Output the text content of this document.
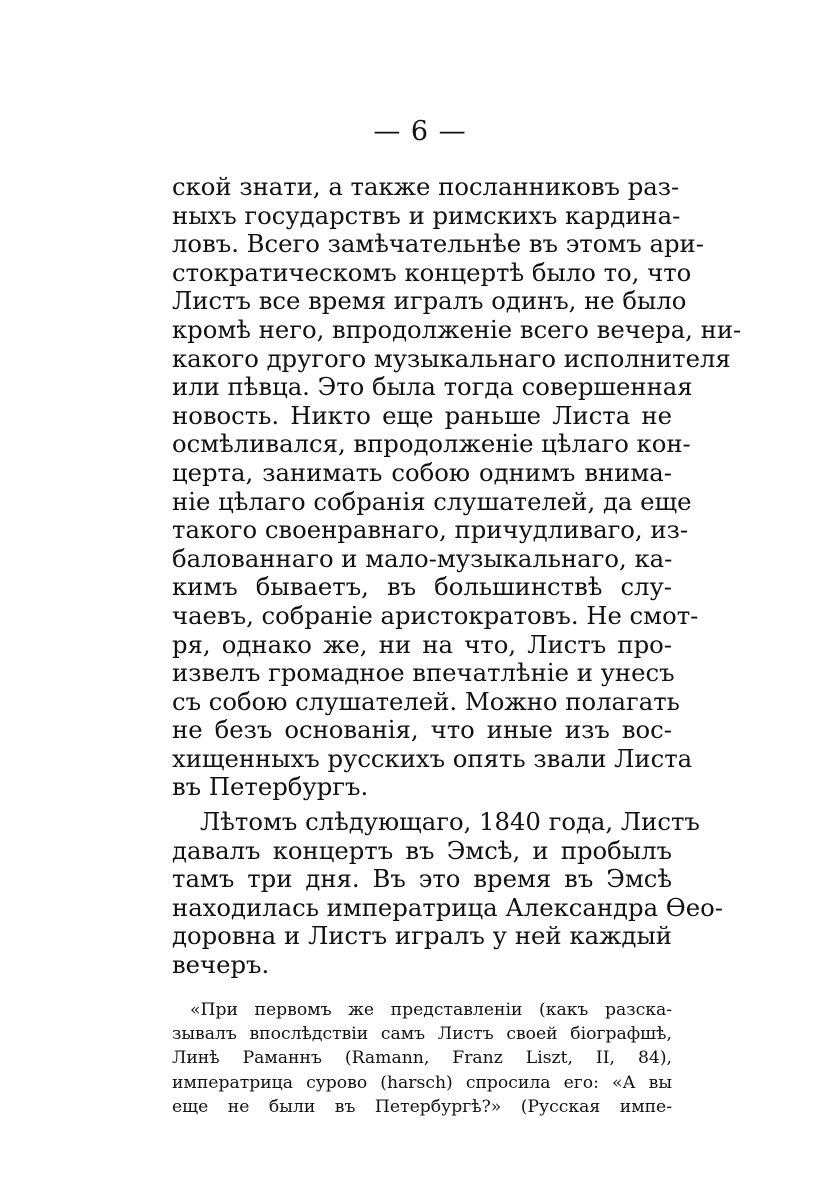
— 6 —
ской знати, а также посланниковъ раз-
ныхъ государствъ и римскихъ кардина-
ловъ. Всего замѣчательнѣе въ этомъ ари-
стократическомъ концертѣ было то, что
Листъ все время игралъ одинъ, не было
кромѣ него, впродолженіе всего вечера, ни-
какого другого музыкальнаго исполнителя
или пѣвца. Это была тогда совершенная
новость. Никто еще раньше Листа не
осмѣливался, впродолженіе цѣлаго кон-
церта, занимать собою однимъ внима-
ніе цѣлаго собранія слушателей, да еще
такого своенравнаго, причудливаго, из-
балованнаго и мало-музыкальнаго, ка-
кимъ бываетъ, въ большинствѣ слу-
чаевъ, собраніе аристократовъ. Не смот-
ря, однако же, ни на что, Листъ про-
извелъ громадное впечатлѣніе и унесъ
съ собою слушателей. Можно полагать
не безъ основанія, что иные изъ вос-
хищенныхъ русскихъ опять звали Листа
въ Петербургъ.
Лѣтомъ слѣдующаго, 1840 года, Листъ
давалъ концертъ въ Эмсѣ, и пробылъ
тамъ три дня. Въ это время въ Эмсѣ
находилась императрица Александра Ѳео-
доровна и Листъ игралъ у ней каждый
вечеръ.
«При первомъ же представленіи (какъ разска-
зывалъ впослѣдствіи самъ Листъ своей біографшѣ,
Линѣ Раманнъ (Ramann, Franz Liszt, II, 84),
императрица сурово (harsch) спросила его: «А вы
еще не были въ Петербургѣ?» (Русская импе-
